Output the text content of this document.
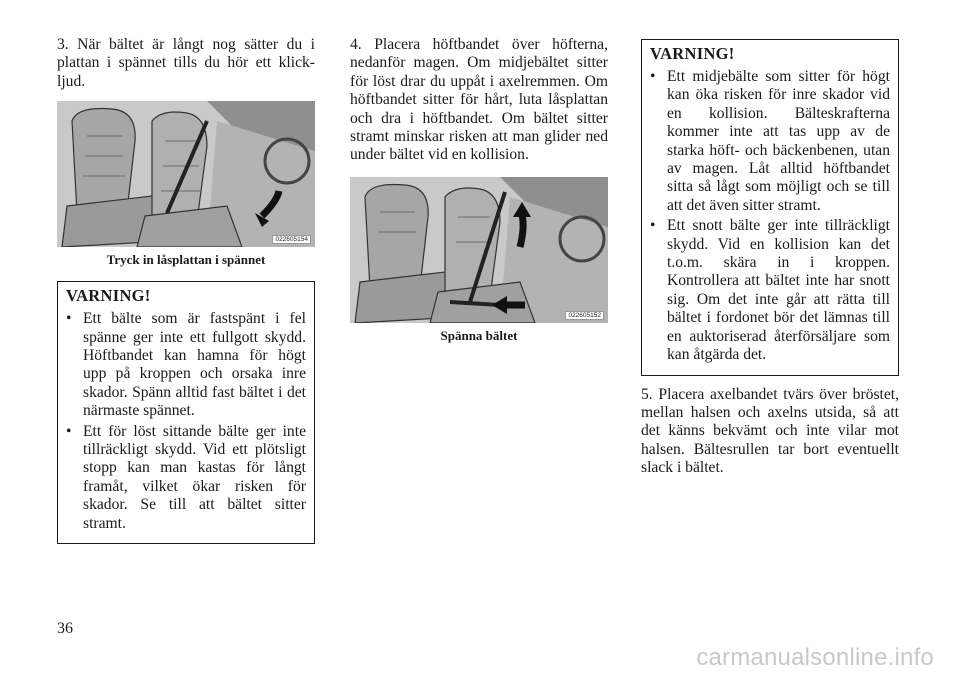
3. När bältet är långt nog sätter du i plattan i spännet tills du hör ett klick-ljud.

022605154
Tryck in låsplattan i spännet
VARNING!
• Ett bälte som är fastspänt i fel spänne ger inte ett fullgott skydd. Höftbandet kan hamna för högt upp på kroppen och orsaka inre skador. Spänn alltid fast bältet i det närmaste spännet.
• Ett för löst sittande bälte ger inte tillräckligt skydd. Vid ett plötsligt stopp kan man kastas för långt framåt, vilket ökar risken för skador. Se till att bältet sitter stramt.

4. Placera höftbandet över höfterna, nedanför magen. Om midjebältet sitter för löst drar du uppåt i axelremmen. Om höftbandet sitter för hårt, luta låsplattan och dra i höftbandet. Om bältet sitter stramt minskar risken att man glider ned under bältet vid en kollision.

022605152
Spänna bältet
VARNING!
• Ett midjebälte som sitter för högt kan öka risken för inre skador vid en kollision. Bälteskrafterna kommer inte att tas upp av de starka höft- och bäckenbenen, utan av magen. Låt alltid höftbandet sitta så lågt som möjligt och se till att det även sitter stramt.
• Ett snott bälte ger inte tillräckligt skydd. Vid en kollision kan det t.o.m. skära in i kroppen. Kontrollera att bältet inte har snott sig. Om det inte går att rätta till bältet i fordonet bör det lämnas till en auktoriserad återförsäljare som kan åtgärda det.

5. Placera axelbandet tvärs över bröstet, mellan halsen och axelns utsida, så att det känns bekvämt och inte vilar mot halsen. Bältesrullen tar bort eventuellt slack i bältet.

36
carmanualsonline.info
